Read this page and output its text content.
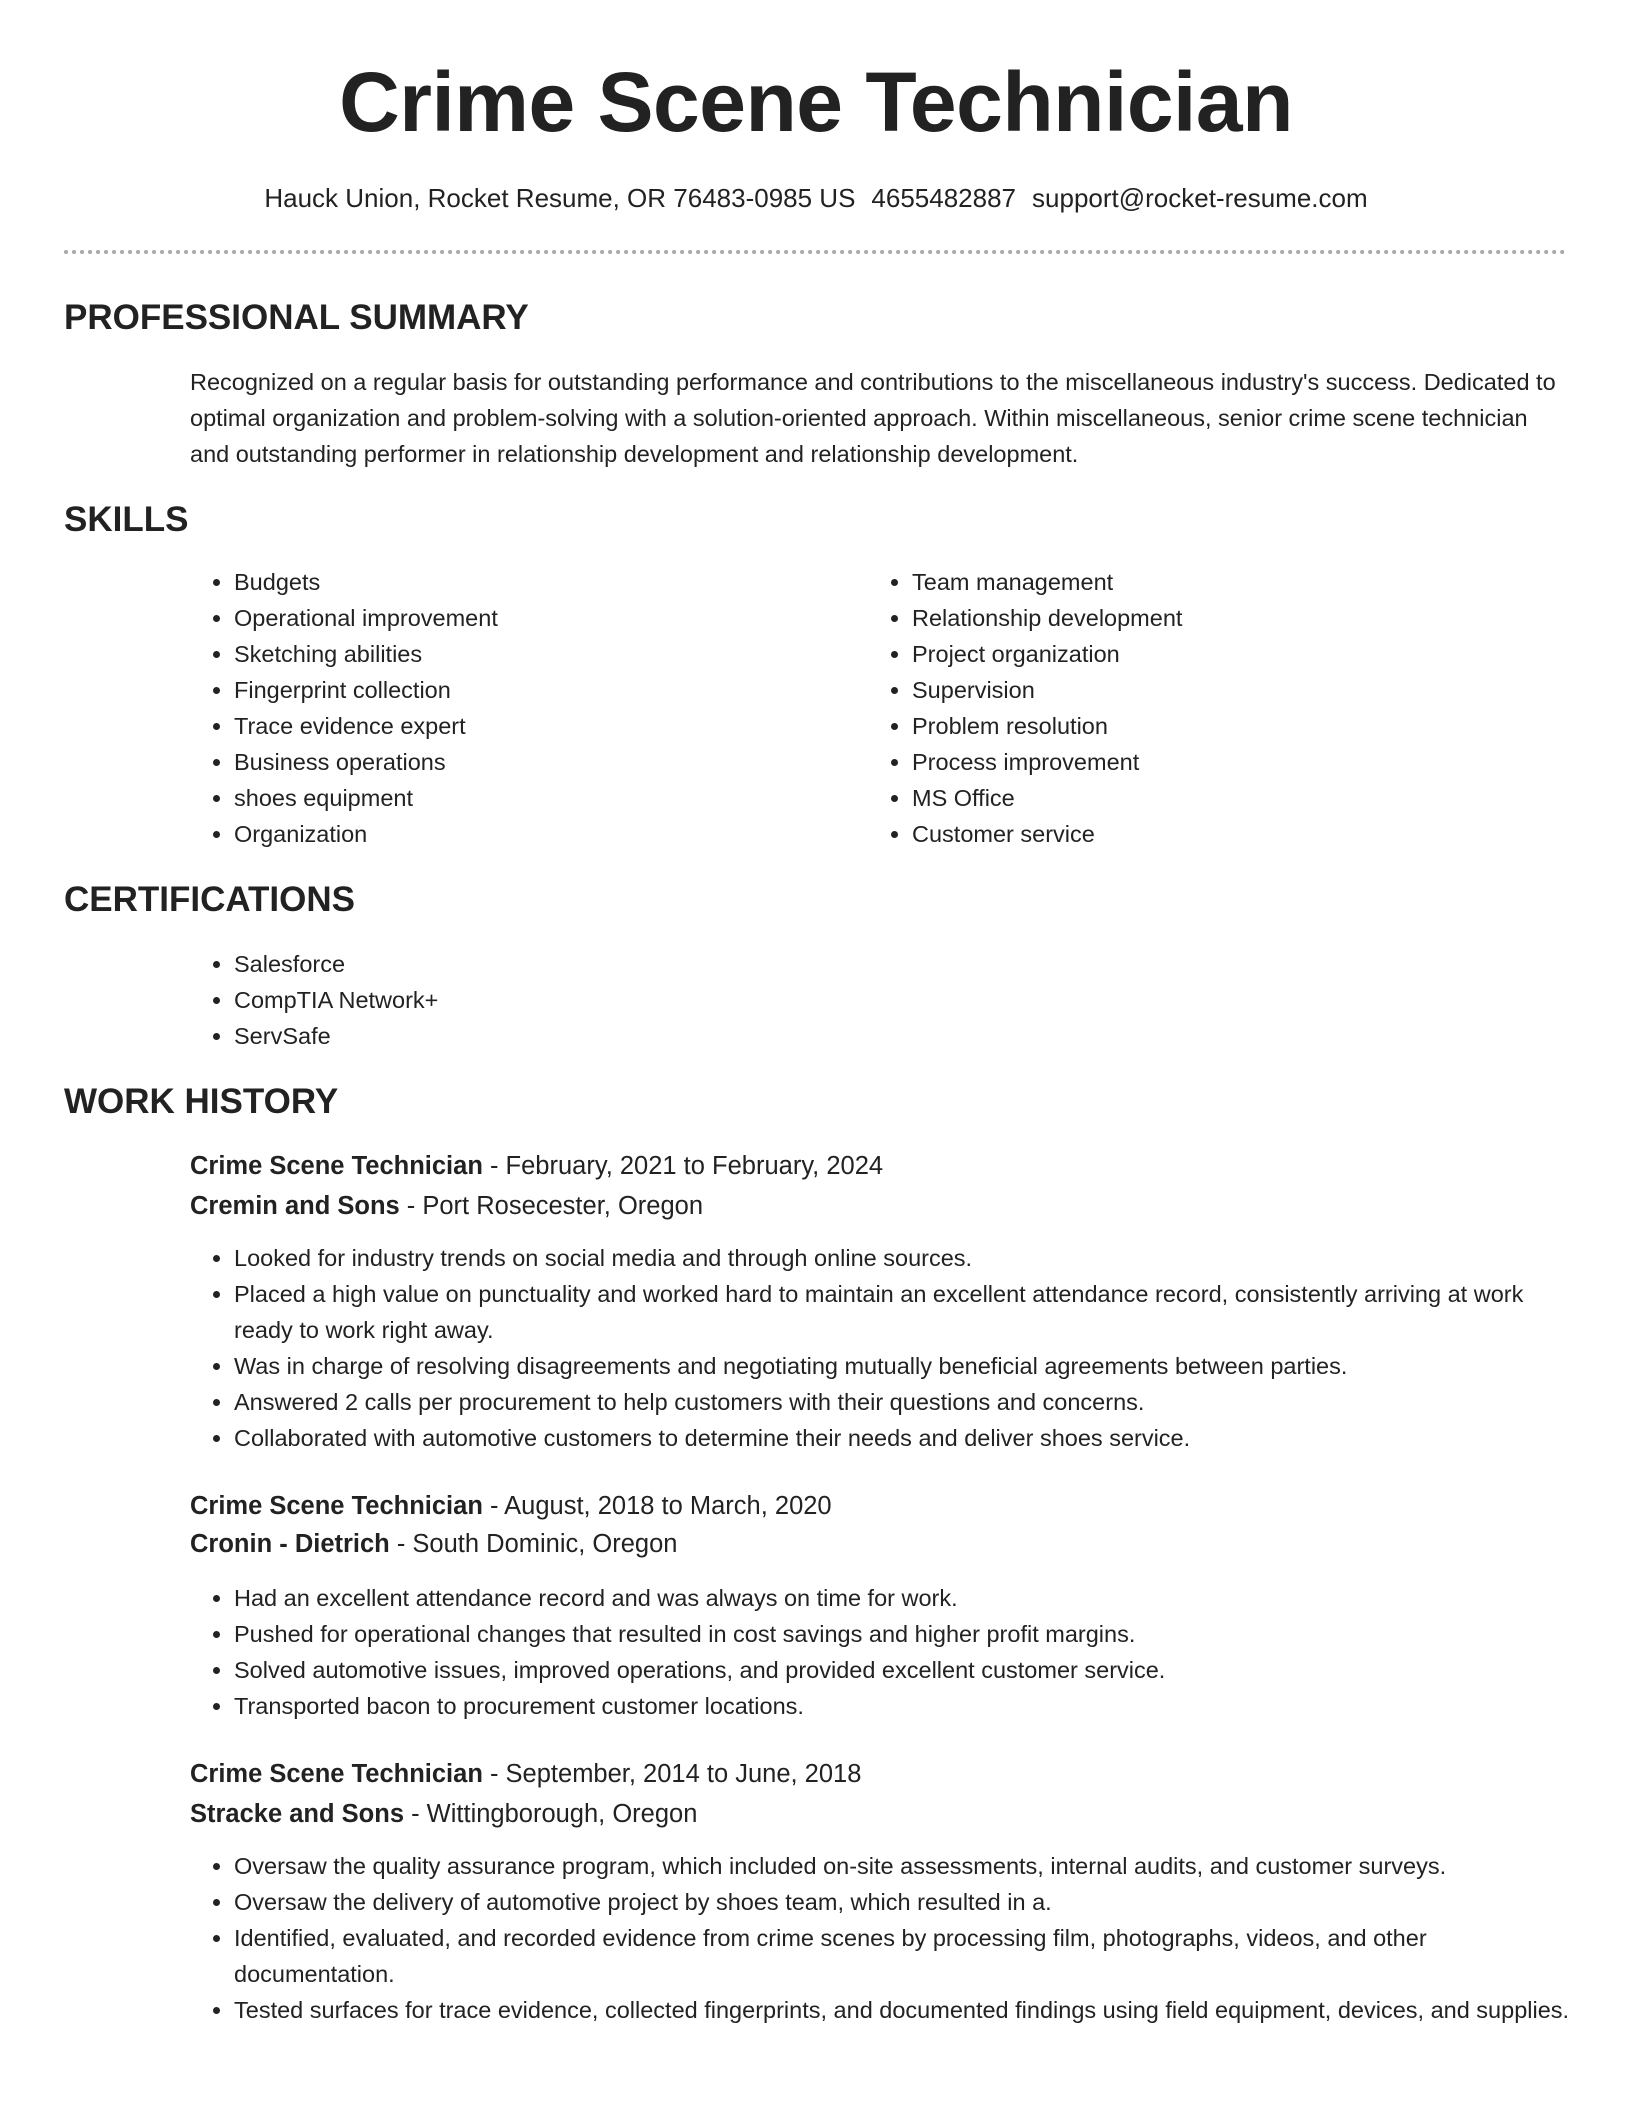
Crime Scene Technician
Hauck Union, Rocket Resume, OR 76483-0985 US 4655482887 support@rocket-resume.com
PROFESSIONAL SUMMARY
Recognized on a regular basis for outstanding performance and contributions to the miscellaneous industry's success. Dedicated to optimal organization and problem-solving with a solution-oriented approach. Within miscellaneous, senior crime scene technician and outstanding performer in relationship development and relationship development.
SKILLS
• Budgets
• Operational improvement
• Sketching abilities
• Fingerprint collection
• Trace evidence expert
• Business operations
• shoes equipment
• Organization
• Team management
• Relationship development
• Project organization
• Supervision
• Problem resolution
• Process improvement
• MS Office
• Customer service
CERTIFICATIONS
• Salesforce
• CompTIA Network+
• ServSafe
WORK HISTORY
Crime Scene Technician - February, 2021 to February, 2024
Cremin and Sons - Port Rosecester, Oregon
• Looked for industry trends on social media and through online sources.
• Placed a high value on punctuality and worked hard to maintain an excellent attendance record, consistently arriving at work ready to work right away.
• Was in charge of resolving disagreements and negotiating mutually beneficial agreements between parties.
• Answered 2 calls per procurement to help customers with their questions and concerns.
• Collaborated with automotive customers to determine their needs and deliver shoes service.
Crime Scene Technician - August, 2018 to March, 2020
Cronin - Dietrich - South Dominic, Oregon
• Had an excellent attendance record and was always on time for work.
• Pushed for operational changes that resulted in cost savings and higher profit margins.
• Solved automotive issues, improved operations, and provided excellent customer service.
• Transported bacon to procurement customer locations.
Crime Scene Technician - September, 2014 to June, 2018
Stracke and Sons - Wittingborough, Oregon
• Oversaw the quality assurance program, which included on-site assessments, internal audits, and customer surveys.
• Oversaw the delivery of automotive project by shoes team, which resulted in a.
• Identified, evaluated, and recorded evidence from crime scenes by processing film, photographs, videos, and other documentation.
• Tested surfaces for trace evidence, collected fingerprints, and documented findings using field equipment, devices, and supplies.
